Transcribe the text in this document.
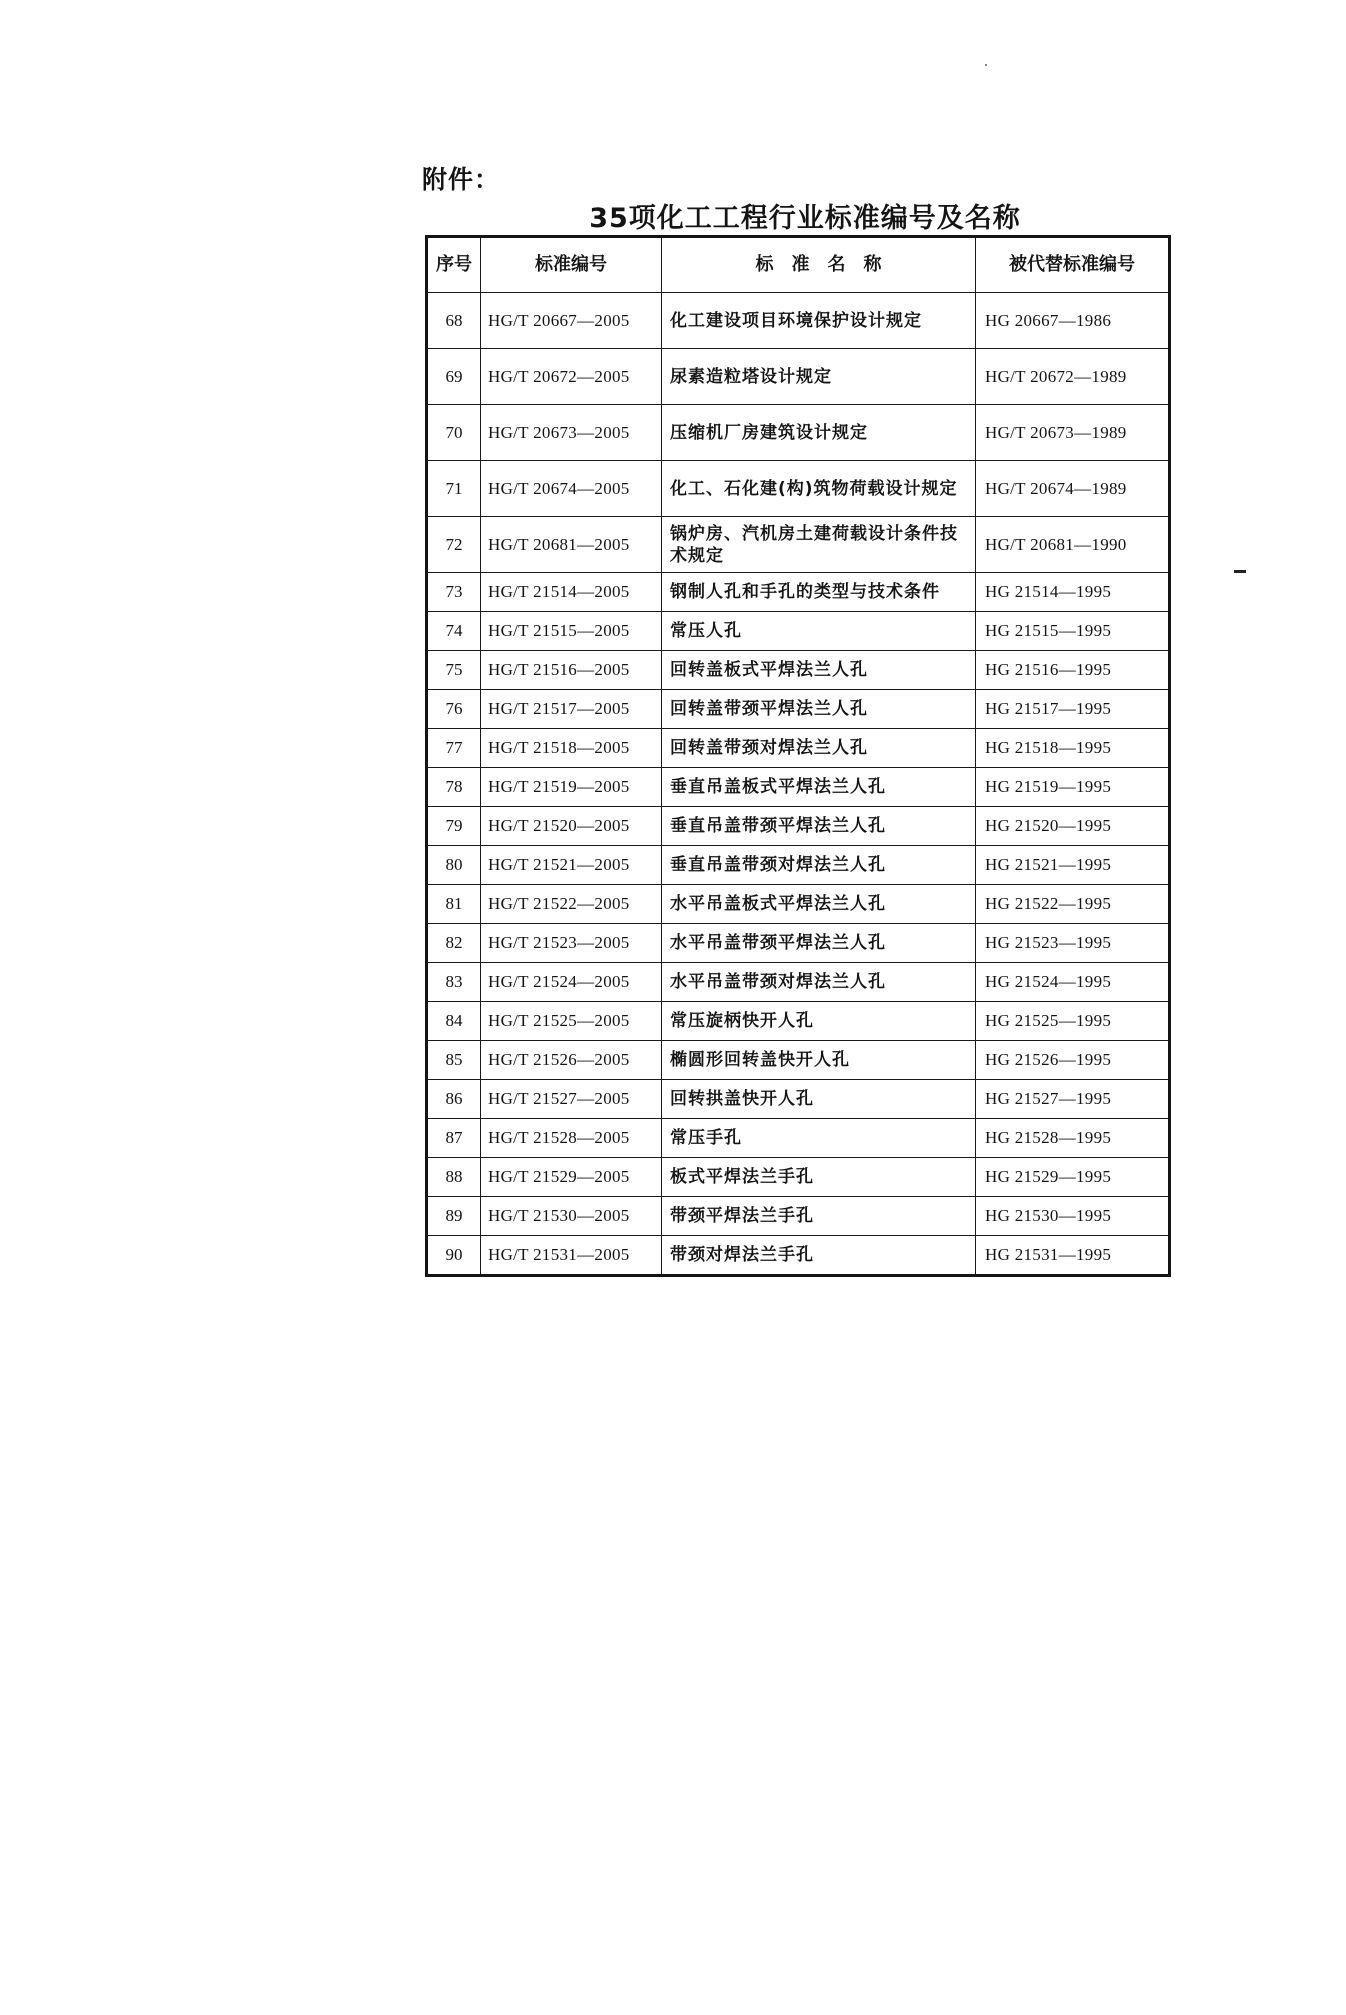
附件：
35项化工工程行业标准编号及名称
序号	标准编号	标　准　名　称	被代替标准编号
68	HG/T 20667—2005	化工建设项目环境保护设计规定	HG 20667—1986
69	HG/T 20672—2005	尿素造粒塔设计规定	HG/T 20672—1989
70	HG/T 20673—2005	压缩机厂房建筑设计规定	HG/T 20673—1989
71	HG/T 20674—2005	化工、石化建(构)筑物荷载设计规定	HG/T 20674—1989
72	HG/T 20681—2005	锅炉房、汽机房土建荷载设计条件技术规定	HG/T 20681—1990
73	HG/T 21514—2005	钢制人孔和手孔的类型与技术条件	HG 21514—1995
74	HG/T 21515—2005	常压人孔	HG 21515—1995
75	HG/T 21516—2005	回转盖板式平焊法兰人孔	HG 21516—1995
76	HG/T 21517—2005	回转盖带颈平焊法兰人孔	HG 21517—1995
77	HG/T 21518—2005	回转盖带颈对焊法兰人孔	HG 21518—1995
78	HG/T 21519—2005	垂直吊盖板式平焊法兰人孔	HG 21519—1995
79	HG/T 21520—2005	垂直吊盖带颈平焊法兰人孔	HG 21520—1995
80	HG/T 21521—2005	垂直吊盖带颈对焊法兰人孔	HG 21521—1995
81	HG/T 21522—2005	水平吊盖板式平焊法兰人孔	HG 21522—1995
82	HG/T 21523—2005	水平吊盖带颈平焊法兰人孔	HG 21523—1995
83	HG/T 21524—2005	水平吊盖带颈对焊法兰人孔	HG 21524—1995
84	HG/T 21525—2005	常压旋柄快开人孔	HG 21525—1995
85	HG/T 21526—2005	椭圆形回转盖快开人孔	HG 21526—1995
86	HG/T 21527—2005	回转拱盖快开人孔	HG 21527—1995
87	HG/T 21528—2005	常压手孔	HG 21528—1995
88	HG/T 21529—2005	板式平焊法兰手孔	HG 21529—1995
89	HG/T 21530—2005	带颈平焊法兰手孔	HG 21530—1995
90	HG/T 21531—2005	带颈对焊法兰手孔	HG 21531—1995
